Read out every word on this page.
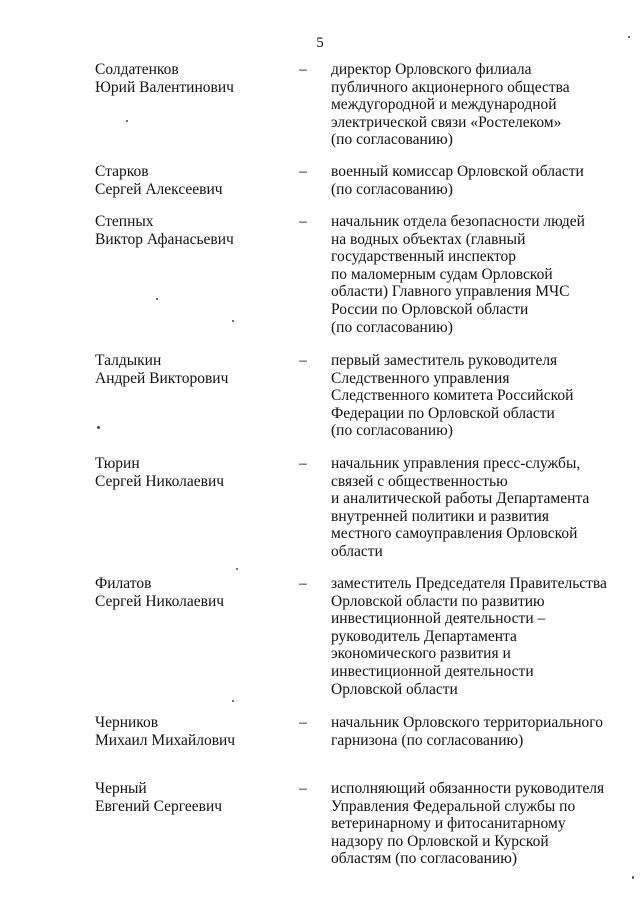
5
Солдатенков
Юрий Валентинович
– директор Орловского филиала
публичного акционерного общества
междугородной и международной
электрической связи «Ростелеком»
(по согласованию)
Старков
Сергей Алексеевич
– военный комиссар Орловской области
(по согласованию)
Степных
Виктор Афанасьевич
– начальник отдела безопасности людей
на водных объектах (главный
государственный инспектор
по маломерным судам Орловской
области) Главного управления МЧС
России по Орловской области
(по согласованию)
Талдыкин
Андрей Викторович
– первый заместитель руководителя
Следственного управления
Следственного комитета Российской
Федерации по Орловской области
(по согласованию)
Тюрин
Сергей Николаевич
– начальник управления пресс-службы,
связей с общественностью
и аналитической работы Департамента
внутренней политики и развития
местного самоуправления Орловской
области
Филатов
Сергей Николаевич
– заместитель Председателя Правительства
Орловской области по развитию
инвестиционной деятельности –
руководитель Департамента
экономического развития и
инвестиционной деятельности
Орловской области
Черников
Михаил Михайлович
– начальник Орловского территориального
гарнизона (по согласованию)
Черный
Евгений Сергеевич
– исполняющий обязанности руководителя
Управления Федеральной службы по
ветеринарному и фитосанитарному
надзору по Орловской и Курской
областям (по согласованию)
